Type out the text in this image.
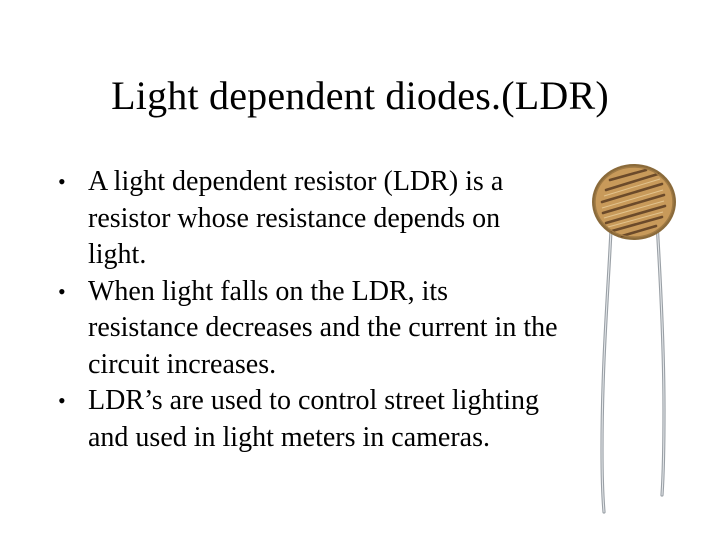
Light dependent diodes.(LDR)
• A light dependent resistor (LDR) is a resistor whose resistance depends on light.
• When light falls on the LDR, its resistance decreases and the current in the circuit increases.
• LDR’s are used to control street lighting and used in light meters in cameras.
